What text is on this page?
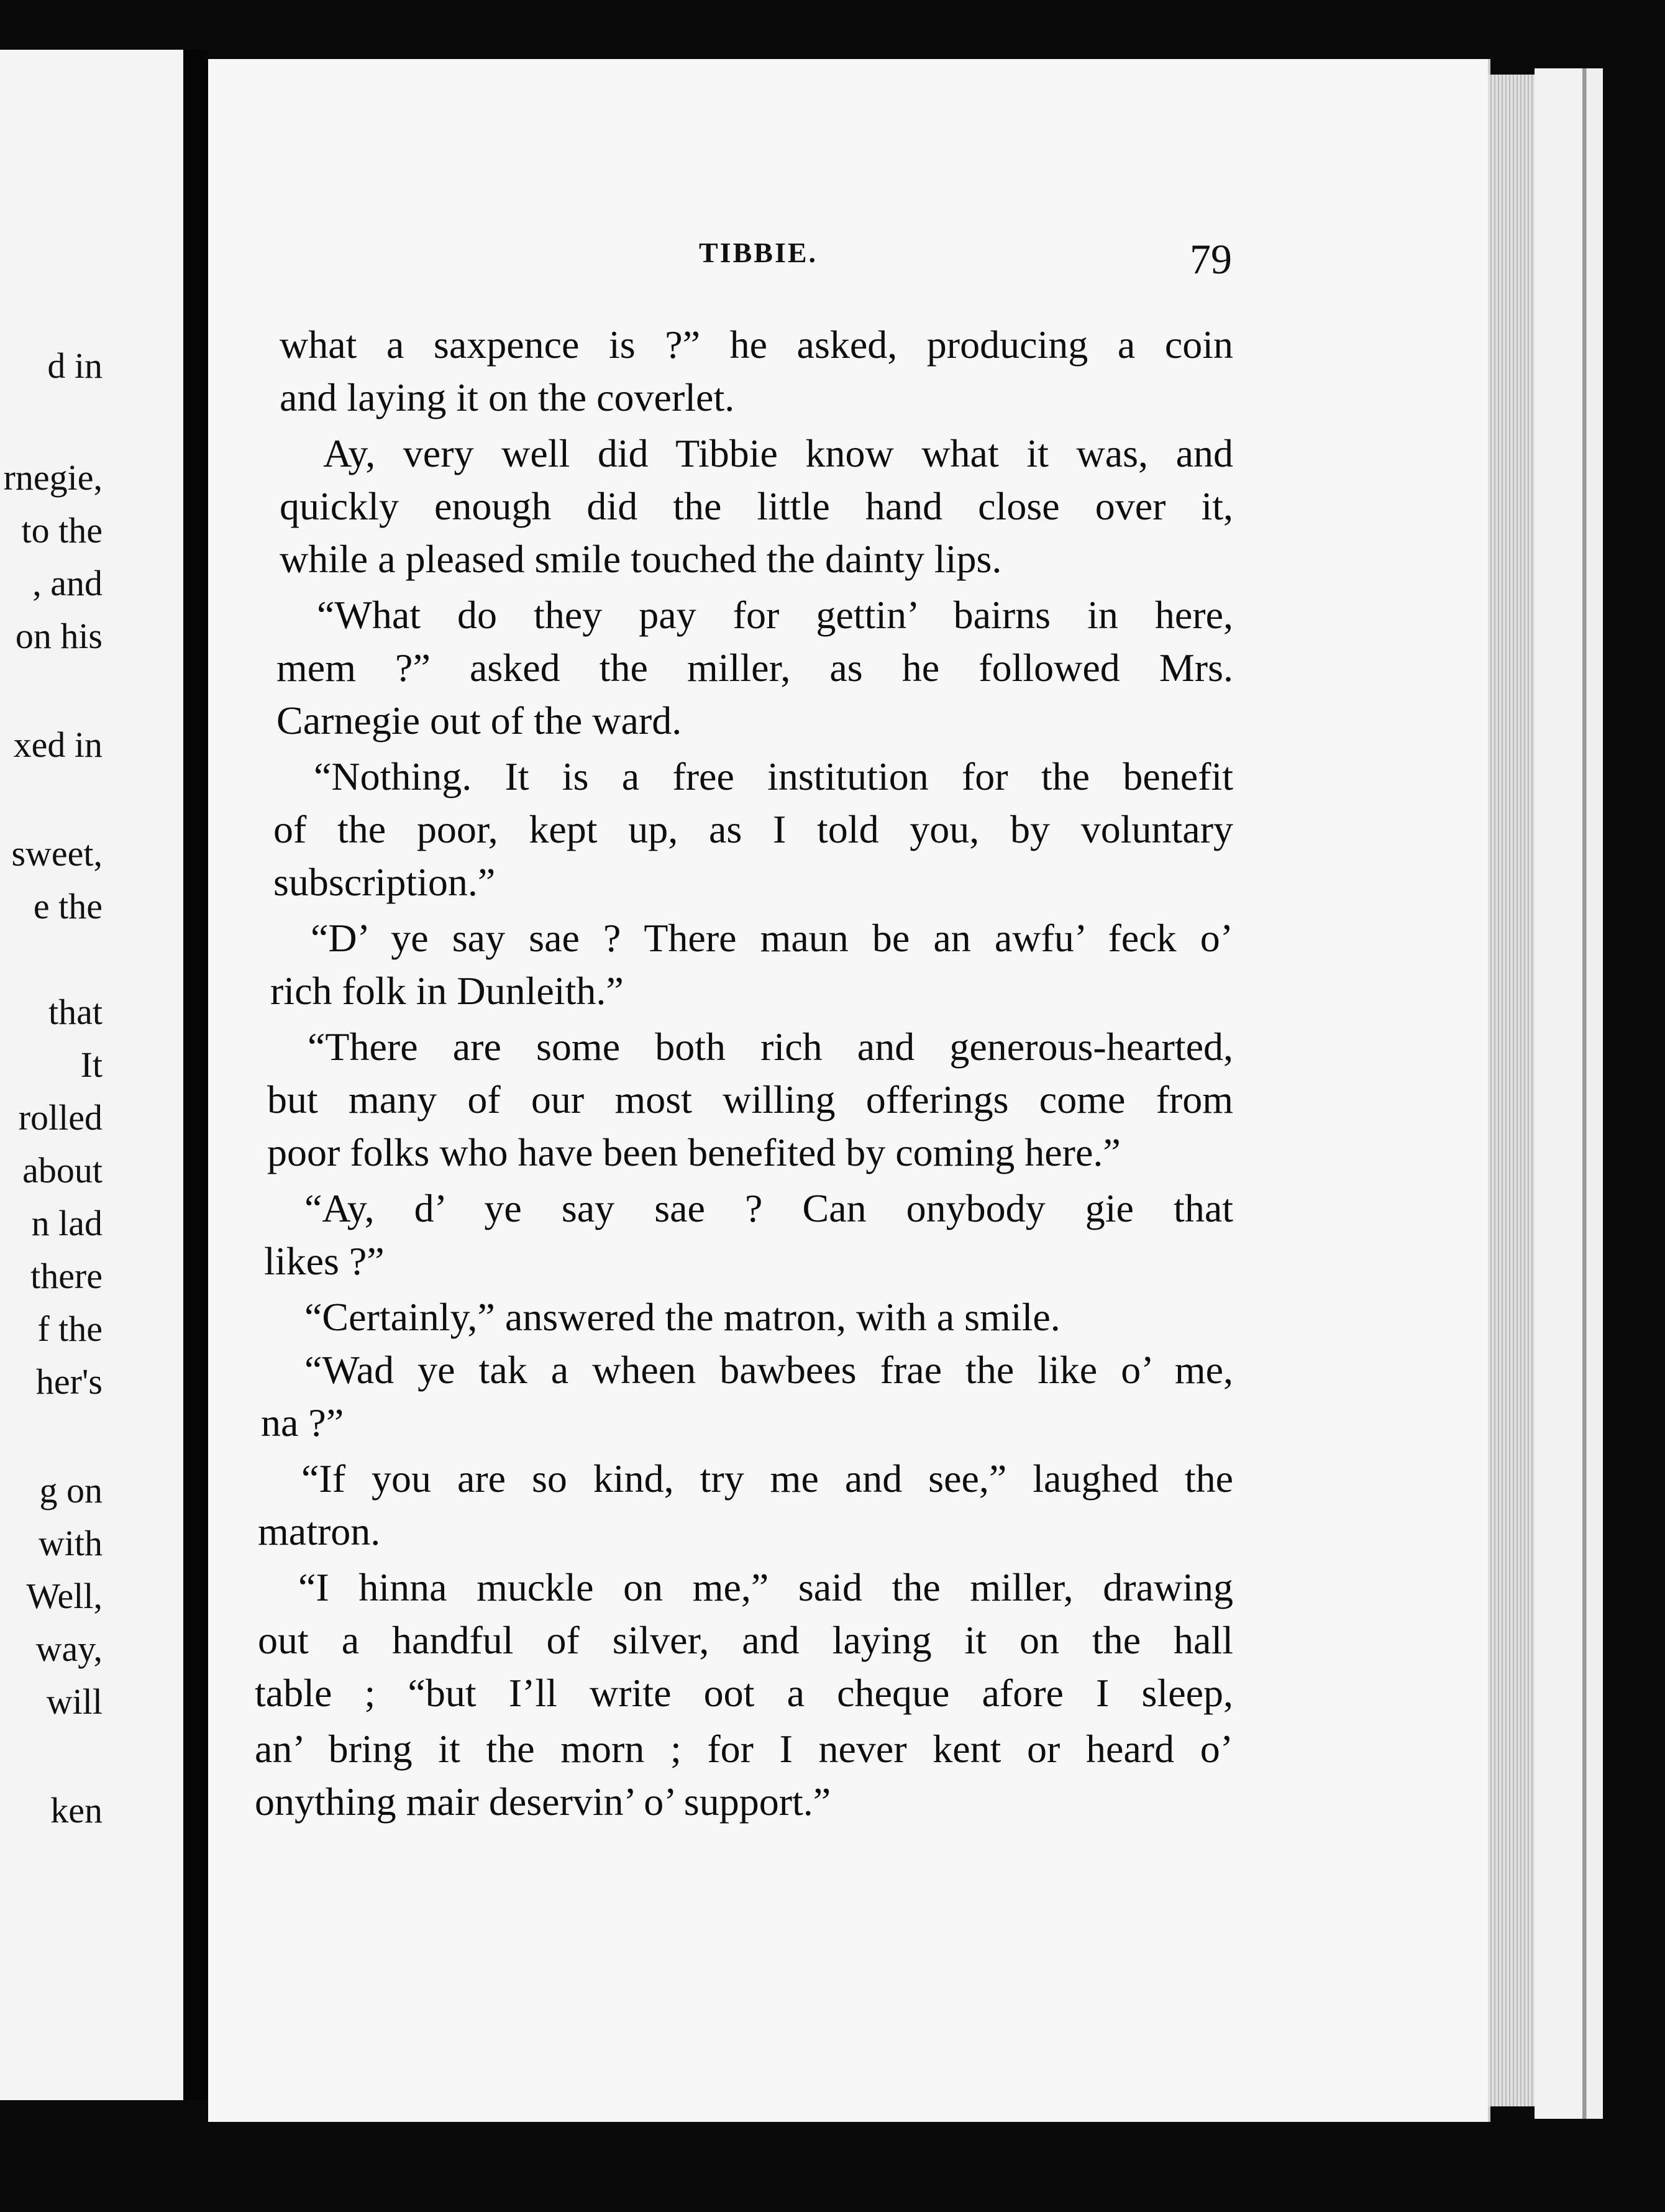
d in
rnegie,
to the
, and
on his
xed in
sweet,
e the
that
It
rolled
about
n lad
there
f the
her's
g on
with
Well,
way,
will
ken
TIBBIE.	79
what a saxpence is ?” he asked, producing a coin
and laying it on the coverlet.
Ay, very well did Tibbie know what it was, and
quickly enough did the little hand close over it,
while a pleased smile touched the dainty lips.
“What do they pay for gettin’ bairns in here,
mem ?” asked the miller, as he followed Mrs.
Carnegie out of the ward.
“Nothing. It is a free institution for the benefit
of the poor, kept up, as I told you, by voluntary
subscription.”
“D’ ye say sae ? There maun be an awfu’ feck o’
rich folk in Dunleith.”
“There are some both rich and generous-hearted,
but many of our most willing offerings come from
poor folks who have been benefited by coming here.”
“Ay, d’ ye say sae ? Can onybody gie that
likes ?”
“Certainly,” answered the matron, with a smile.
“Wad ye tak a wheen bawbees frae the like o’ me,
na ?”
“If you are so kind, try me and see,” laughed the
matron.
“I hinna muckle on me,” said the miller, drawing
out a handful of silver, and laying it on the hall
table ; “but I’ll write oot a cheque afore I sleep,
an’ bring it the morn ; for I never kent or heard o’
onything mair deservin’ o’ support.”
